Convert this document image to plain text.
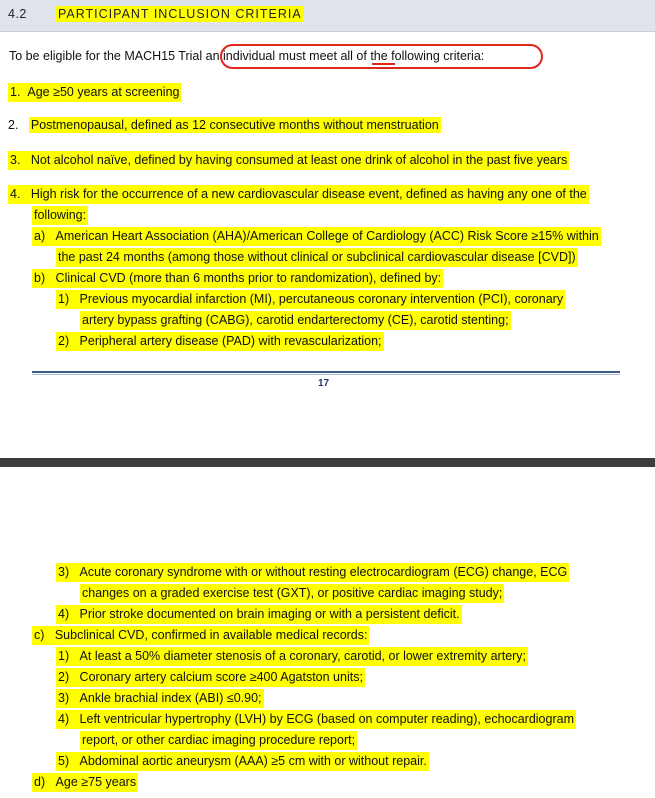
4.2 PARTICIPANT INCLUSION CRITERIA
To be eligible for the MACH15 Trial an individual must meet all of the following criteria:
1. Age ≥50 years at screening
2. Postmenopausal, defined as 12 consecutive months without menstruation
3. Not alcohol naïve, defined by having consumed at least one drink of alcohol in the past five years
4. High risk for the occurrence of a new cardiovascular disease event, defined as having any one of the
following:
a) American Heart Association (AHA)/American College of Cardiology (ACC) Risk Score ≥15% within
the past 24 months (among those without clinical or subclinical cardiovascular disease [CVD])
b) Clinical CVD (more than 6 months prior to randomization), defined by:
1) Previous myocardial infarction (MI), percutaneous coronary intervention (PCI), coronary
artery bypass grafting (CABG), carotid endarterectomy (CE), carotid stenting;
2) Peripheral artery disease (PAD) with revascularization;
17
3) Acute coronary syndrome with or without resting electrocardiogram (ECG) change, ECG
changes on a graded exercise test (GXT), or positive cardiac imaging study;
4) Prior stroke documented on brain imaging or with a persistent deficit.
c) Subclinical CVD, confirmed in available medical records:
1) At least a 50% diameter stenosis of a coronary, carotid, or lower extremity artery;
2) Coronary artery calcium score ≥400 Agatston units;
3) Ankle brachial index (ABI) ≤0.90;
4) Left ventricular hypertrophy (LVH) by ECG (based on computer reading), echocardiogram
report, or other cardiac imaging procedure report;
5) Abdominal aortic aneurysm (AAA) ≥5 cm with or without repair.
d) Age ≥75 years
